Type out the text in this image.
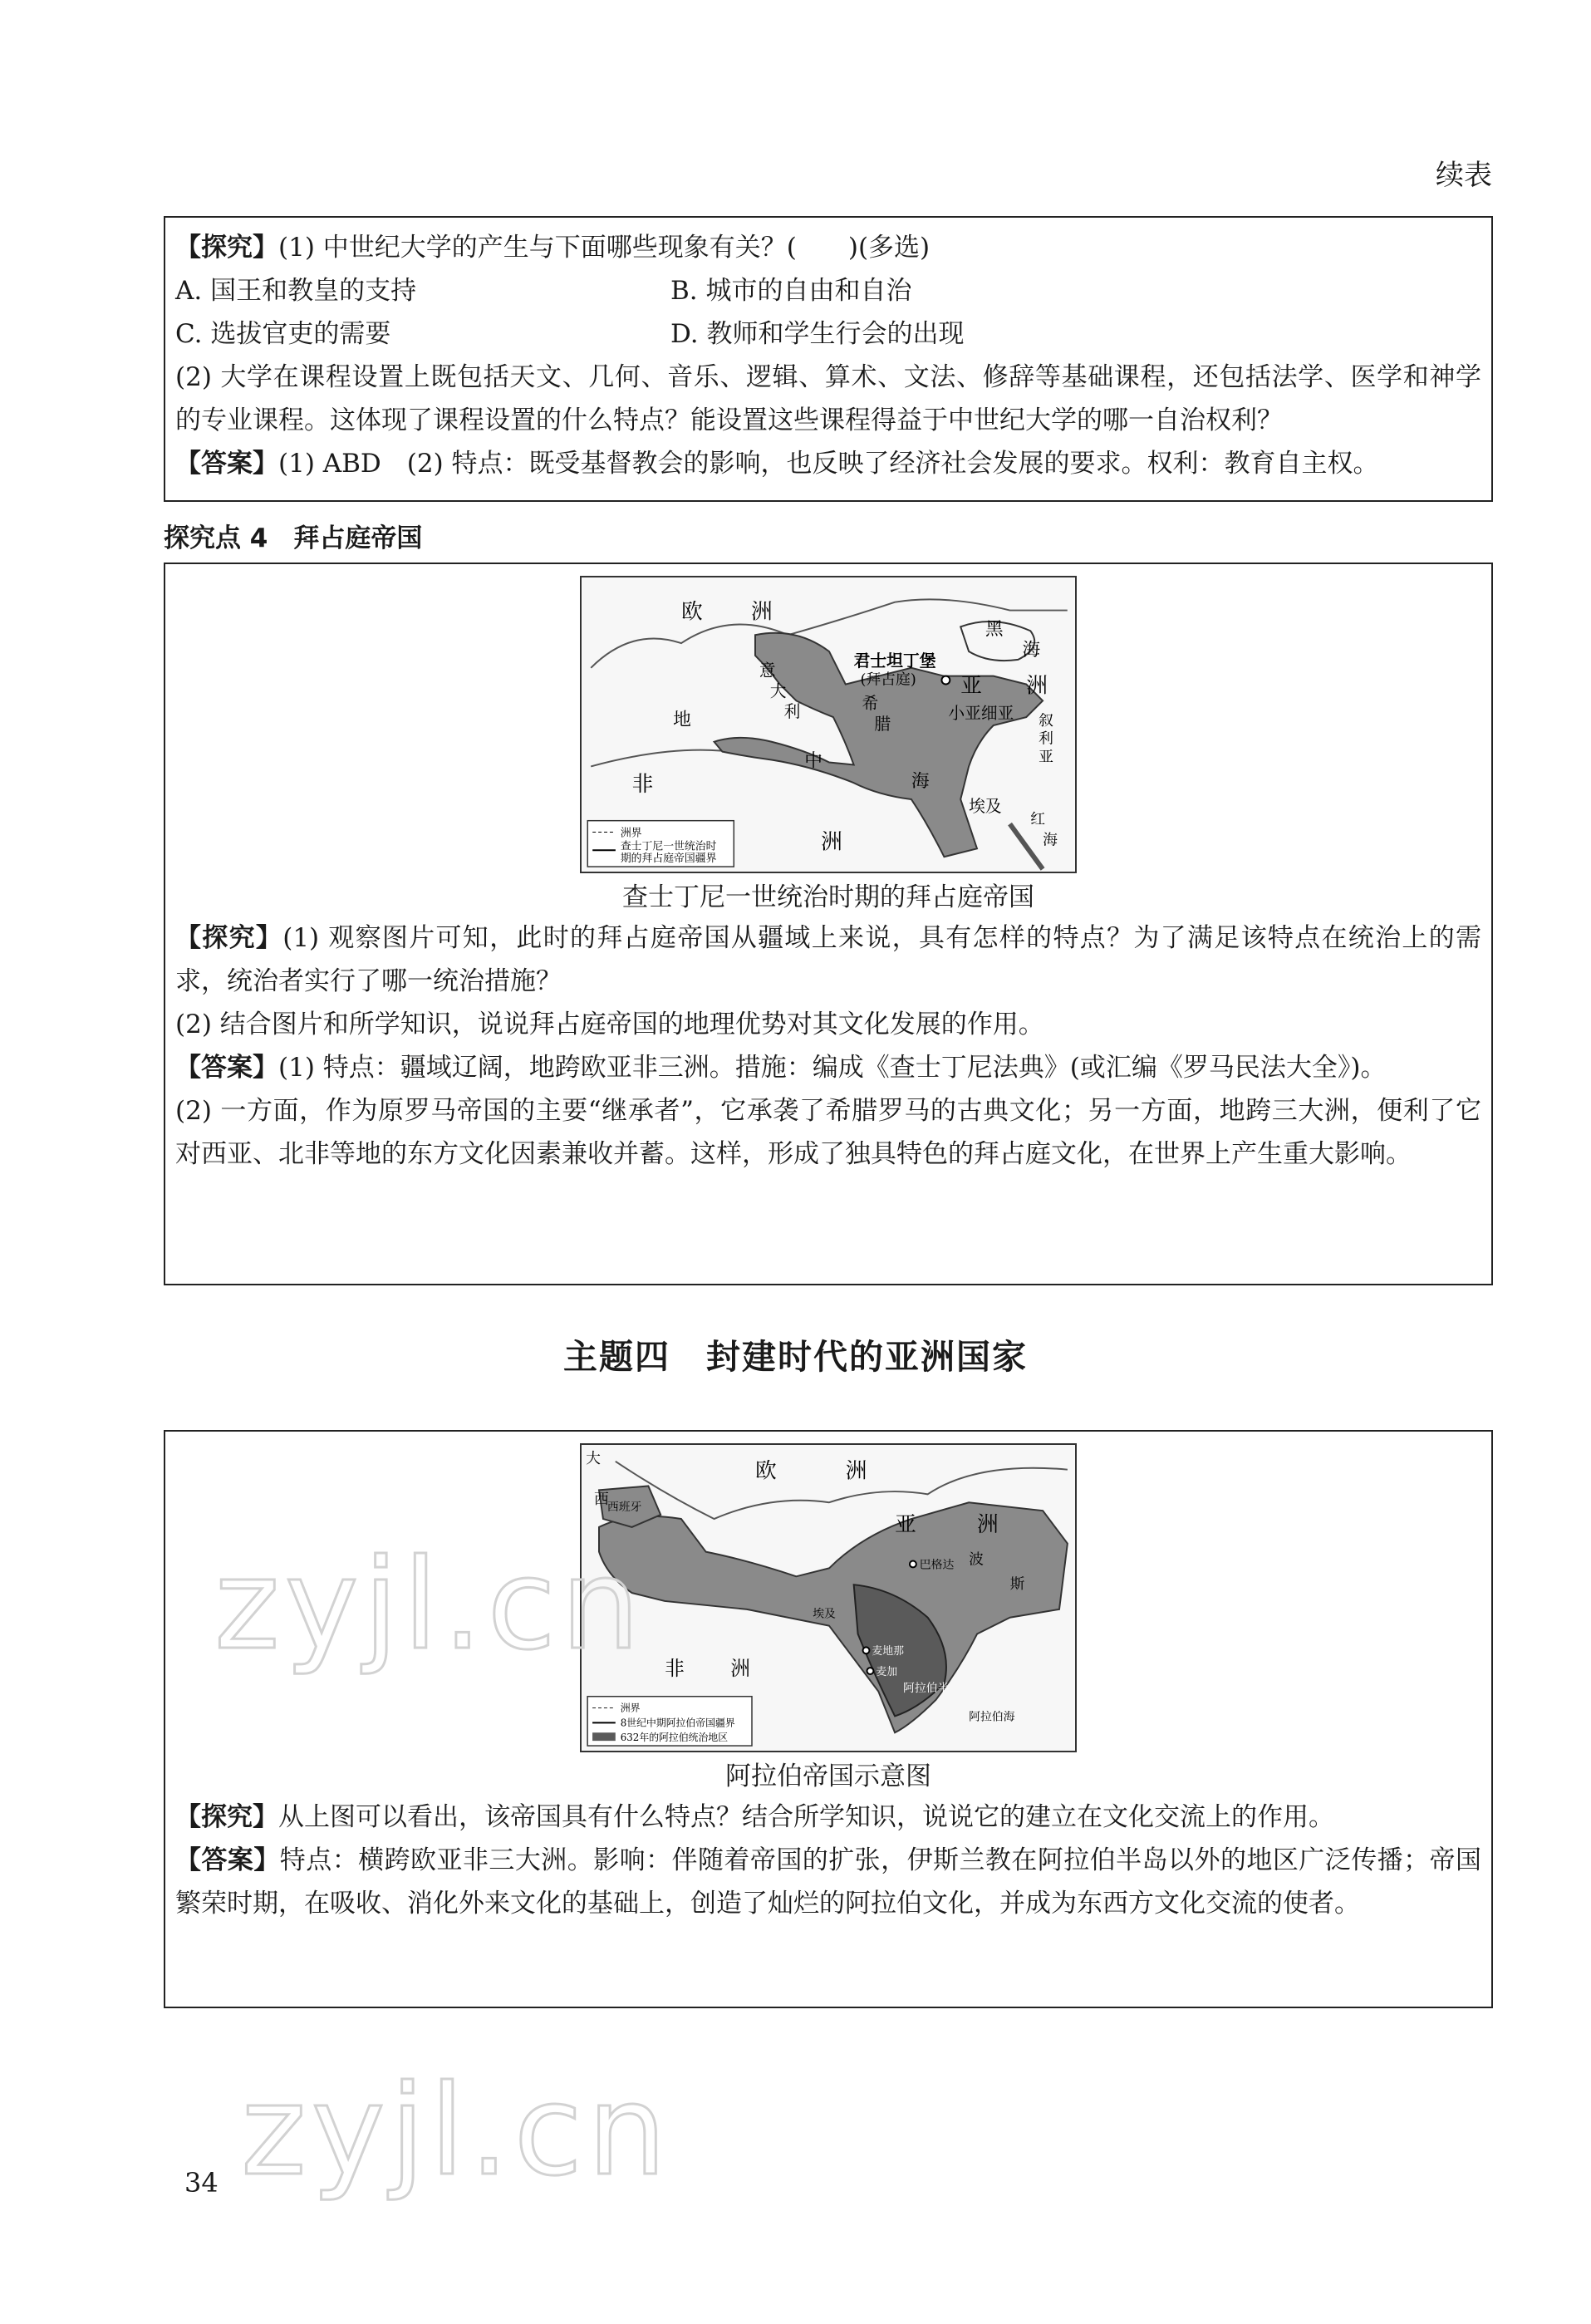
续表
【探究】(1) 中世纪大学的产生与下面哪些现象有关？(　　)(多选)
A. 国王和教皇的支持	B. 城市的自由和自治
C. 选拔官吏的需要	D. 教师和学生行会的出现
(2) 大学在课程设置上既包括天文、几何、音乐、逻辑、算术、文法、修辞等基础课程，还包括法学、医学和神学的专业课程。这体现了课程设置的什么特点？能设置这些课程得益于中世纪大学的哪一自治权利？
【答案】(1) ABD　(2) 特点：既受基督教会的影响，也反映了经济社会发展的要求。权利：教育自主权。
探究点 4　拜占庭帝国
欧 洲
亚 洲
非
洲
黑
海
地
中
海
意
大
利	希
腊
君士坦丁堡
(拜占庭)
小亚细亚 叙
利
亚
埃及
红
海
洲界
查士丁尼一世统治时
期的拜占庭帝国疆界
查士丁尼一世统治时期的拜占庭帝国
【探究】(1) 观察图片可知，此时的拜占庭帝国从疆域上来说，具有怎样的特点？为了满足该特点在统治上的需求，统治者实行了哪一统治措施？
(2) 结合图片和所学知识，说说拜占庭帝国的地理优势对其文化发展的作用。
【答案】(1) 特点：疆域辽阔，地跨欧亚非三洲。措施：编成《查士丁尼法典》(或汇编《罗马民法大全》)。
(2) 一方面，作为原罗马帝国的主要“继承者”，它承袭了希腊罗马的古典文化；另一方面，地跨三大洲，便利了它对西亚、北非等地的东方文化因素兼收并蓄。这样，形成了独具特色的拜占庭文化，在世界上产生重大影响。
主题四　封建时代的亚洲国家
大
西
欧	洲
亚	洲
非 洲
西班牙
巴格达 波
斯
麦地那
麦加
埃及
阿拉伯半
阿拉伯海
洲界
8世纪中期阿拉伯帝国疆界
632年的阿拉伯统治地区
阿拉伯帝国示意图
【探究】从上图可以看出，该帝国具有什么特点？结合所学知识，说说它的建立在文化交流上的作用。
【答案】特点：横跨欧亚非三大洲。影响：伴随着帝国的扩张，伊斯兰教在阿拉伯半岛以外的地区广泛传播；帝国繁荣时期，在吸收、消化外来文化的基础上，创造了灿烂的阿拉伯文化，并成为东西方文化交流的使者。
zyjl.cn
34
